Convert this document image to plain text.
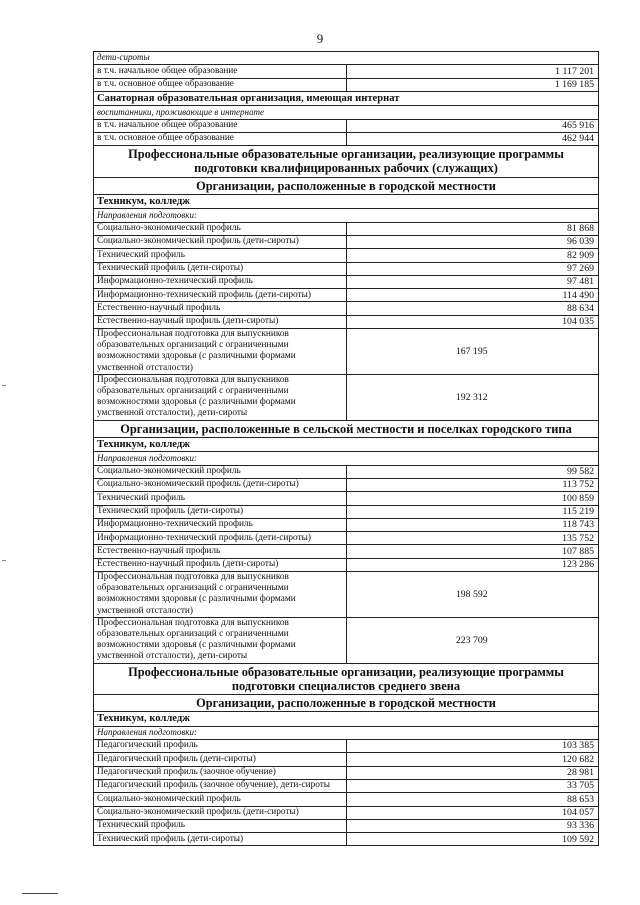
9
дети-сироты	
в т.ч. начальное общее образование	1 117 201
в т.ч. основное общее образование	1 169 185
Санаторная образовательная организация, имеющая интернат	
воспитанники, проживающие в интернате	
в т.ч. начальное общее образование	465 916
в т.ч. основное общее образование	462 944
Профессиональные образовательные организации, реализующие программы подготовки квалифицированных рабочих (служащих)	
Организации, расположенные в городской местности	
Техникум, колледж	
Направления подготовки:	
Социально-экономический профиль	81 868
Социально-экономический профиль (дети-сироты)	96 039
Технический профиль	82 909
Технический профиль (дети-сироты)	97 269
Информационно-технический профиль	97 481
Информационно-технический профиль (дети-сироты)	114 490
Естественно-научный профиль	88 634
Естественно-научный профиль (дети-сироты)	104 035
Профессиональная подготовка для выпускников образовательных организаций с ограниченными возможностями здоровья (с различными формами умственной отсталости)	167 195
Профессиональная подготовка для выпускников образовательных организаций с ограниченными возможностями здоровья (с различными формами умственной отсталости), дети-сироты	192 312
Организации, расположенные в сельской местности и поселках городского типа	
Техникум, колледж	
Направления подготовки:	
Социально-экономический профиль	99 582
Социально-экономический профиль (дети-сироты)	113 752
Технический профиль	100 859
Технический профиль (дети-сироты)	115 219
Информационно-технический профиль	118 743
Информационно-технический профиль (дети-сироты)	135 752
Естественно-научный профиль	107 885
Естественно-научный профиль (дети-сироты)	123 286
Профессиональная подготовка для выпускников образовательных организаций с ограниченными возможностями здоровья (с различными формами умственной отсталости)	198 592
Профессиональная подготовка для выпускников образовательных организаций с ограниченными возможностями здоровья (с различными формами умственной отсталости), дети-сироты	223 709
Профессиональные образовательные организации, реализующие программы подготовки специалистов среднего звена	
Организации, расположенные в городской местности	
Техникум, колледж	
Направления подготовки:	
Педагогический профиль	103 385
Педагогический профиль (дети-сироты)	120 682
Педагогический профиль (заочное обучение)	28 981
Педагогический профиль (заочное обучение), дети-сироты	33 705
Социально-экономический профиль	88 653
Социально-экономический профиль (дети-сироты)	104 057
Технический профиль	93 336
Технический профиль (дети-сироты)	109 592
